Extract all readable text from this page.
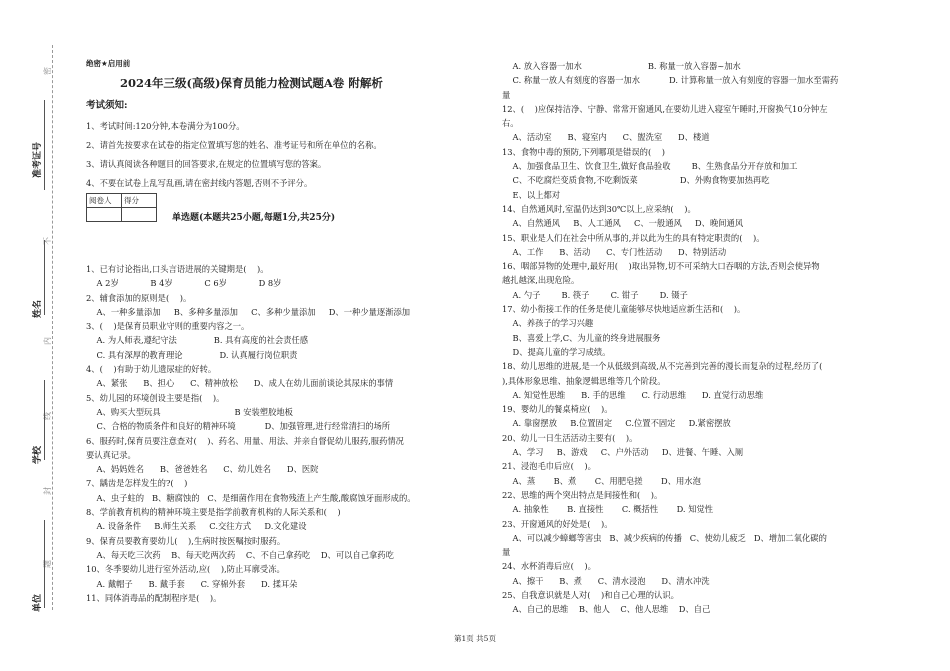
密
不
内
线
封
题
准考证号
姓名
学校
单位
绝密★启用前
2024年三级(高级)保育员能力检测试题A卷 附解析
考试须知:
1、考试时间:120分钟,本卷满分为100分。
2、请首先按要求在试卷的指定位置填写您的姓名、准考证号和所在单位的名称。
3、请认真阅读各种题目的回答要求,在规定的位置填写您的答案。
4、不要在试卷上乱写乱画,请在密封线内答题,否则不予评分。
阅卷人	得分

单选题(本题共25小题,每题1分,共25分)
1、已有讨论指出,口头言语进展的关键期是(    )。
A 2岁            B 4岁            C 6岁            D 8岁
2、辅食添加的原则是(    )。
A、一种多量添加     B、多种多量添加     C、多种少量添加     D、一种少量逐渐添加
3、(    )是保育员职业守则的重要内容之一。
A. 为人师表,遵纪守法              B. 具有高度的社会责任感
C. 具有深厚的教育理论              D. 认真履行岗位职责
4、(    )有助于幼儿遗尿症的好转。
A、紧张      B、担心      C、精神放松      D、成人在幼儿面前谈论其尿床的事情
5、幼儿园的环境创设主要是指(    )。
A、购买大型玩具                            B 安装塑胶地板
C、合格的物质条件和良好的精神环境           D、加强管理,进行经常清扫的场所
6、服药时,保育员要注意查对(    )、药名、用量、用法、并亲自督促幼儿服药,服药情况
要认真记录。
A、妈妈姓名      B、爸爸姓名      C、幼儿姓名      D、医院
7、龋齿是怎样发生的?(    )
A、虫子蛀的   B、糖腐蚀的   C、是细菌作用在食物残渣上产生酸,酸腐蚀牙面形成的。
8、学前教育机构的精神环境主要是指学前教育机构的人际关系和(    )
A. 设备条件     B.师生关系     C.交往方式     D.文化建设
9、保育员要教育要幼儿(    ),生病时按医嘱按时服药。
A、每天吃三次药    B、每天吃两次药    C、不自己拿药吃    D、可以自己拿药吃
10、冬季要幼儿进行室外活动,应(    ),防止耳廓受冻。
A. 戴帽子      B. 戴手套      C. 穿棉外套      D. 揉耳朵
11、同体消毒品的配制程序是(    )。
A. 放入容器一加水                         B. 称量一放入容器~加水
C. 称量一放人有刻度的容器一加水           D. 计算称量一放入有刻度的容器一加水至需药
量
12、(    )应保持洁净、宁静、常常开窗通风,在要幼儿进入寝室午睡时,开窗换气10分钟左
右。
A、活动室      B、寝室内      C、盥洗室      D、楼道
13、食物中毒的预防,下列哪项是错误的(    )
A、加强食品卫生、饮食卫生,做好食品验收        B、生熟食品分开存放和加工
C、不吃腐烂变质食物,不吃剩饭菜                D、外购食物要加热再吃
E、以上都对
14、自然通风时,室温仍达到30℃以上,应采纳(    )。
A、自然通风     B、人工通风     C、一般通风     D、晚间通风
15、职业是人们在社会中所从事的,并以此为生的具有特定职责的(    )。
A、工作      B、活动      C、专门性活动      D、特别活动
16、咽部异物的处理中,最好用(    )取出异物,切不可采纳大口吞咽的方法,否则会使异物
越扎越深,出现危险。
A. 勺子        B. 筷子        C. 钳子        D. 镊子
17、幼小衔接工作的任务是使儿童能够尽快地适应新生活和(    )。
A、养孩子的学习兴趣
B、喜爱上学,C、为儿童的终身进展服务
D、提高儿童的学习成绩。
18、幼儿思维的进展,是一个从低级到高级,从不完善到完善的漫长而复杂的过程,经历了(
),具体形象思维、抽象逻辑思维等几个阶段。
A. 知觉性思维      B. 手的思维      C. 行动思维      D. 直觉行动思维
19、婴幼儿的餐桌椅应(    )。
A. 靠窗摆放     B.位置固定     C.位置不固定     D.紧密摆放
20、幼儿一日生活活动主要有(    )。
A、学习     B、游戏     C、户外活动     D、进餐、午睡、入厕
21、浸泡毛巾后应(    )。
A、蒸       B、煮       C、用肥皂搓       D、用水泡
22、思维的两个突出特点是间接性和(    )。
A. 抽象性       B. 直接性       C. 概括性       D. 知觉性
23、开窗通风的好处是(    )。
A、可以减少蟑螂等害虫   B、减少疾病的传播   C、使幼儿疲乏   D、增加二氧化碳的
量
24、水杯消毒后应(    )。
A、擦干      B、煮      C、清水浸泡      D、清水冲洗
25、自我意识就是人对(    )和自己心理的认识。
A、自己的思维    B、他人    C、他人思维    D、自己
第1页 共5页
